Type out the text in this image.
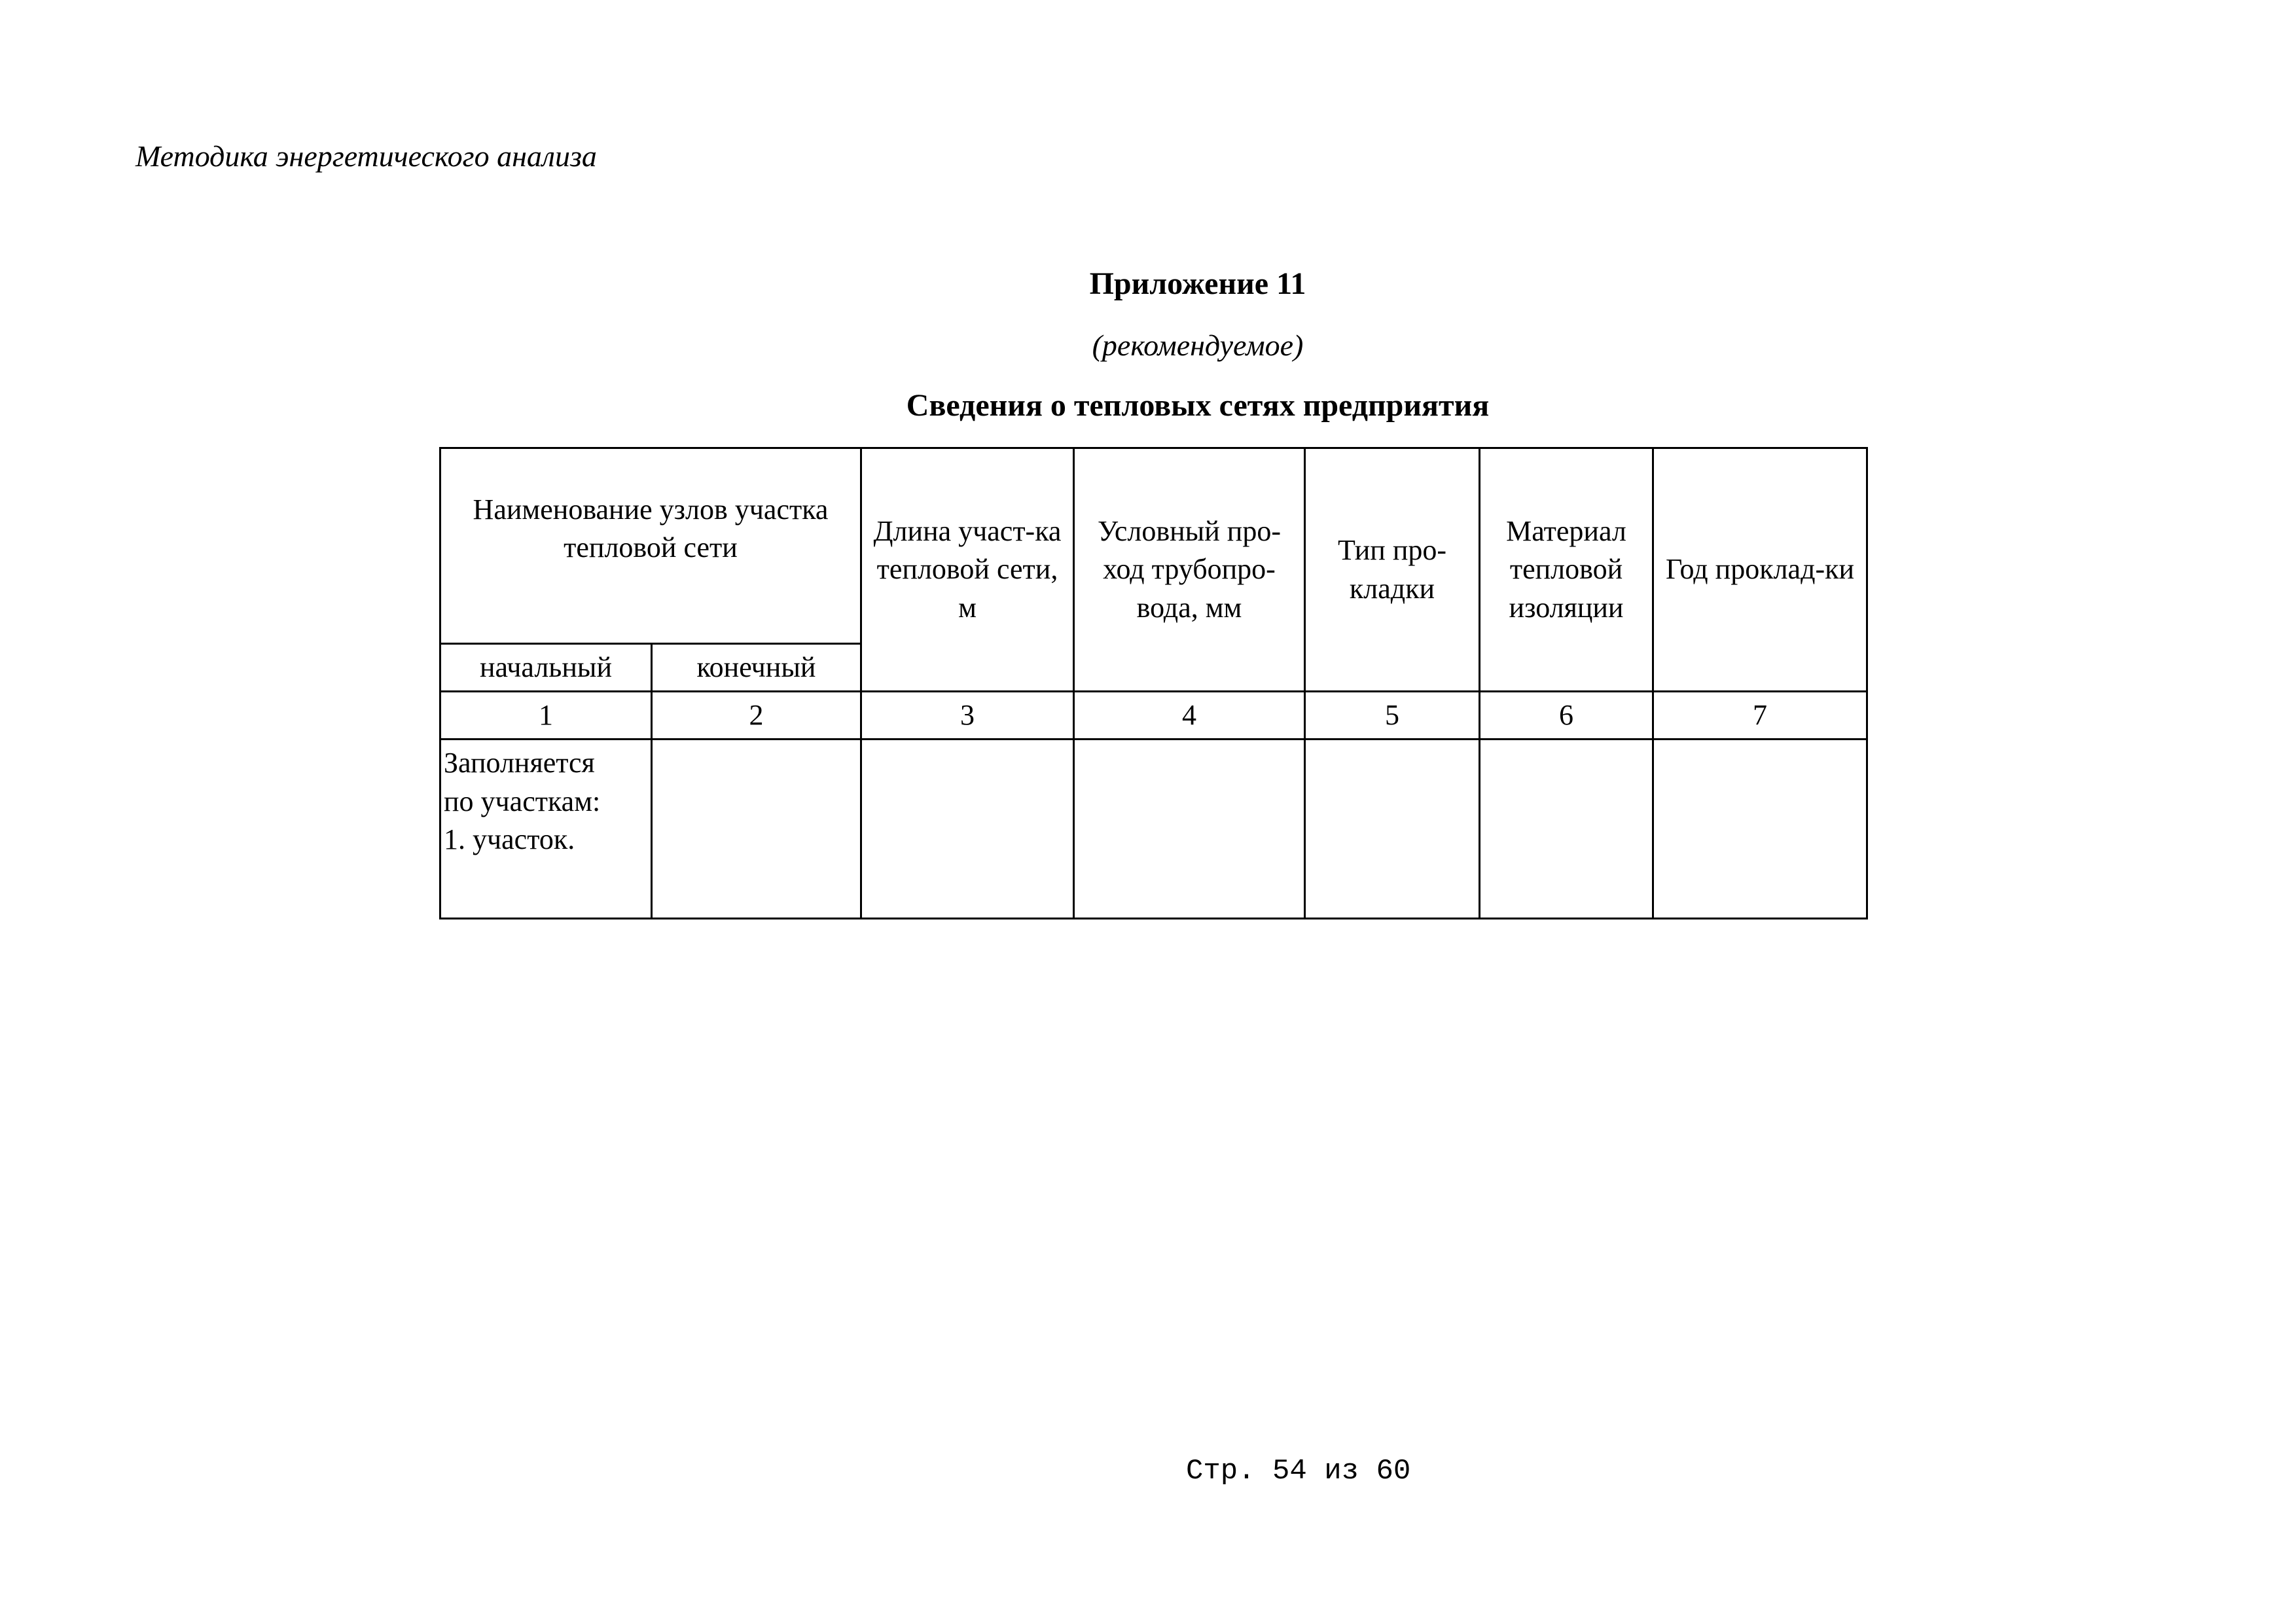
Методика энергетического анализа
Приложение 11
(рекомендуемое)
Сведения о тепловых сетях предприятия
Наименование узлов участка тепловой сети		Длина участ-ка тепловой сети, м	Условный про-ход трубопро-вода, мм	Тип про-кладки	Материал тепловой изоляции	Год проклад-ки
начальный	конечный					
1	2	3	4	5	6	7

Заполняется
по участкам:
1. участок.						

Стр. 54 из 60
